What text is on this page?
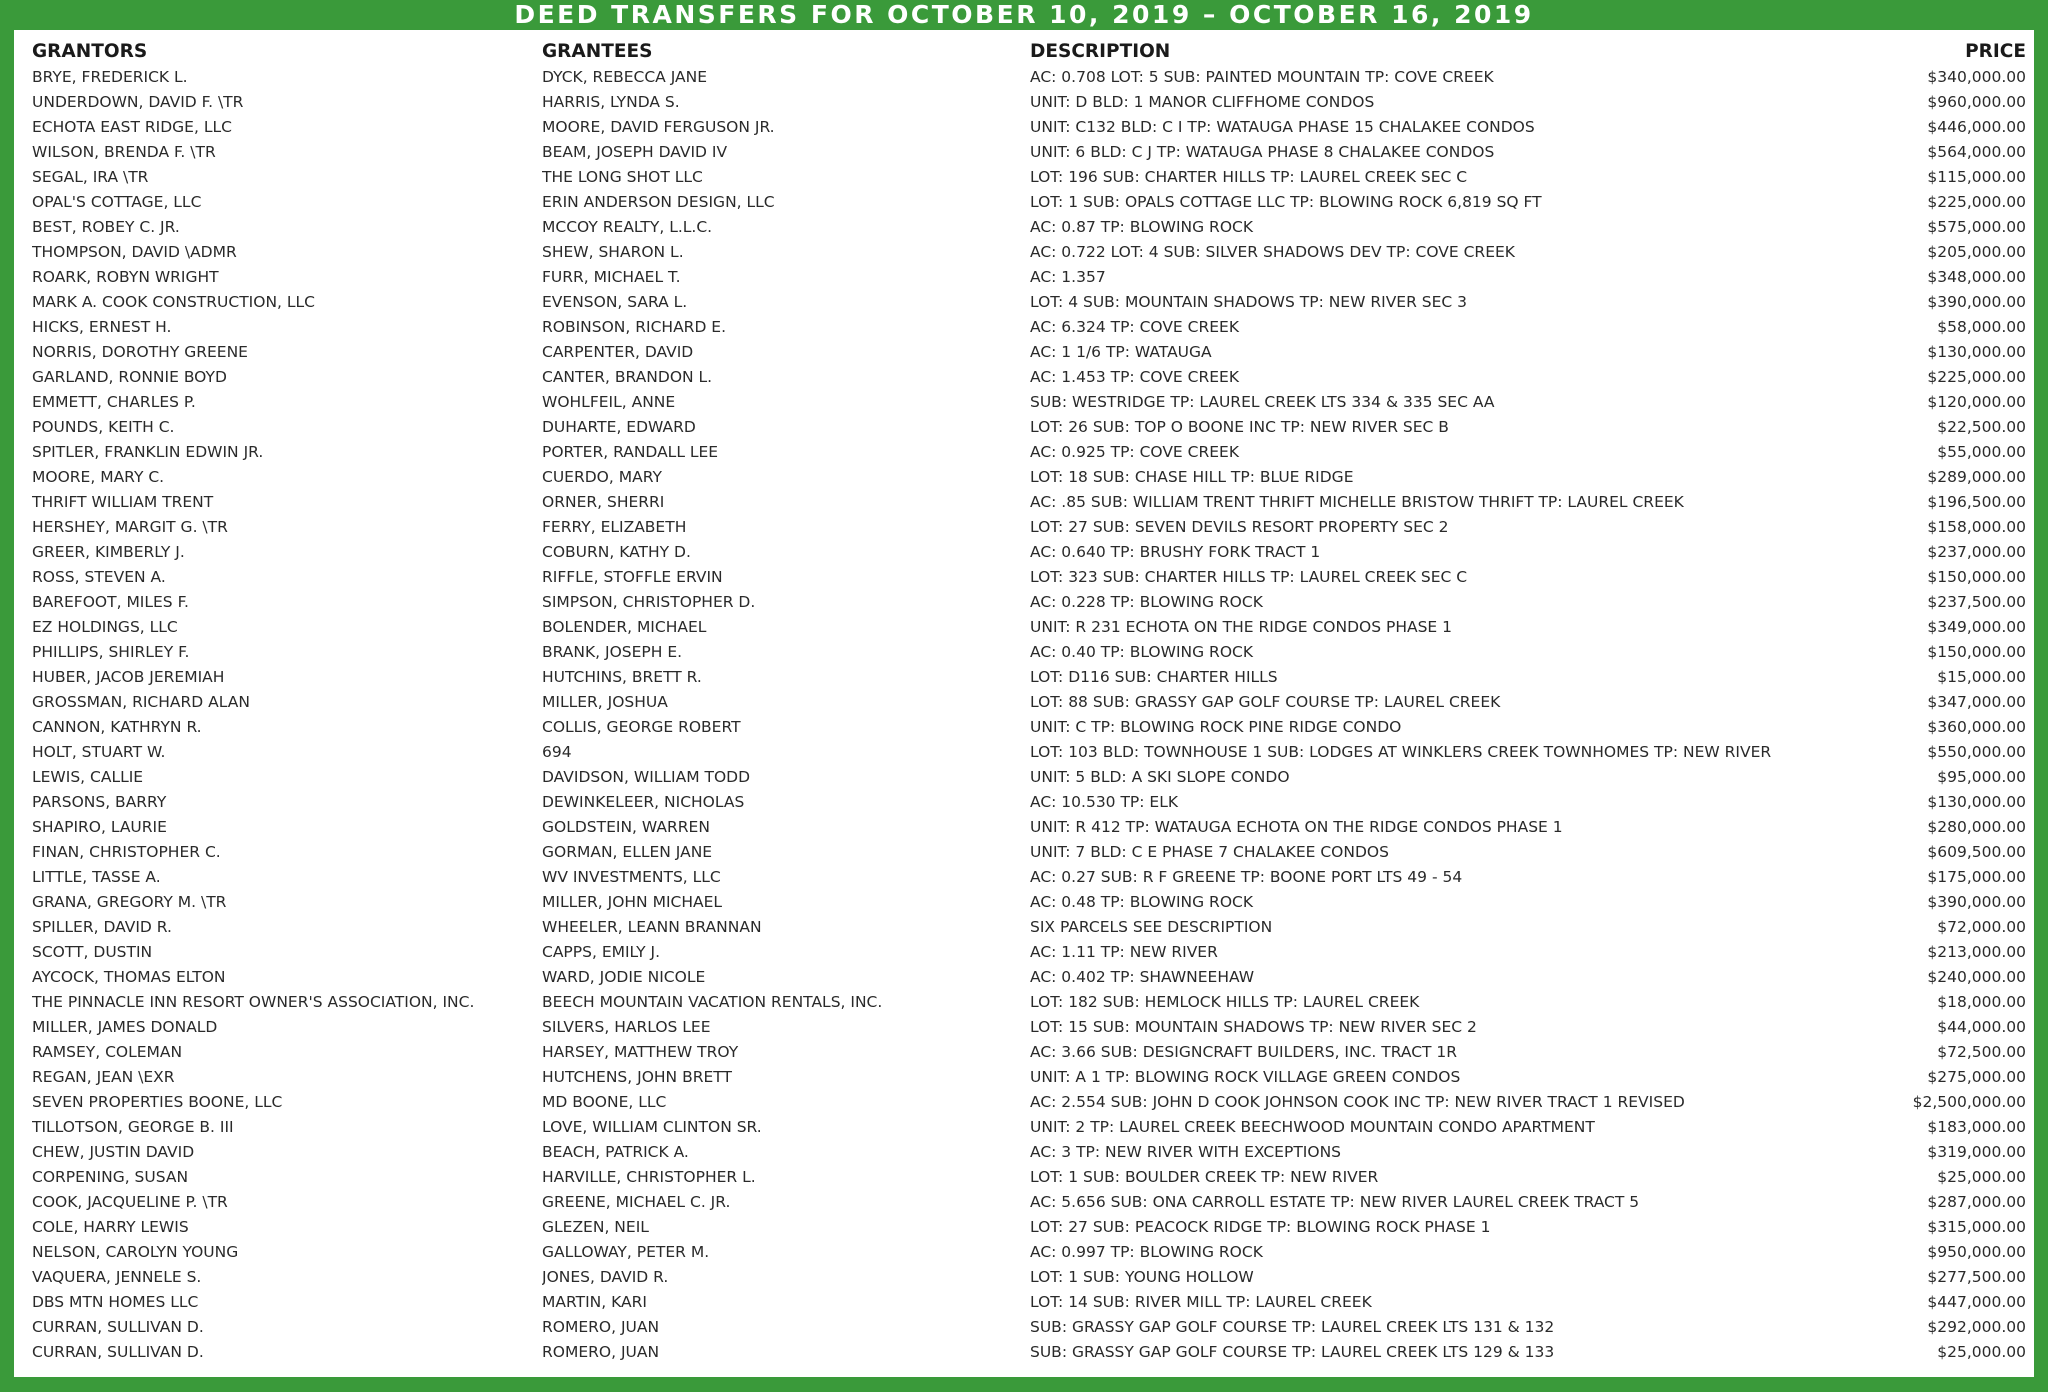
DEED TRANSFERS FOR OCTOBER 10, 2019 – OCTOBER 16, 2019
GRANTORS	GRANTEES	DESCRIPTION	PRICE
BRYE, FREDERICK L.	DYCK, REBECCA JANE	AC: 0.708 LOT: 5 SUB: PAINTED MOUNTAIN TP: COVE CREEK	$340,000.00
UNDERDOWN, DAVID F. \TR	HARRIS, LYNDA S.	UNIT: D BLD: 1 MANOR CLIFFHOME CONDOS	$960,000.00
ECHOTA EAST RIDGE, LLC	MOORE, DAVID FERGUSON JR.	UNIT: C132 BLD: C I TP: WATAUGA PHASE 15 CHALAKEE CONDOS	$446,000.00
WILSON, BRENDA F. \TR	BEAM, JOSEPH DAVID IV	UNIT: 6 BLD: C J TP: WATAUGA PHASE 8 CHALAKEE CONDOS	$564,000.00
SEGAL, IRA \TR	THE LONG SHOT LLC	LOT: 196 SUB: CHARTER HILLS TP: LAUREL CREEK SEC C	$115,000.00
OPAL'S COTTAGE, LLC	ERIN ANDERSON DESIGN, LLC	LOT: 1 SUB: OPALS COTTAGE LLC TP: BLOWING ROCK 6,819 SQ FT	$225,000.00
BEST, ROBEY C. JR.	MCCOY REALTY, L.L.C.	AC: 0.87 TP: BLOWING ROCK	$575,000.00
THOMPSON, DAVID \ADMR	SHEW, SHARON L.	AC: 0.722 LOT: 4 SUB: SILVER SHADOWS DEV TP: COVE CREEK	$205,000.00
ROARK, ROBYN WRIGHT	FURR, MICHAEL T.	AC: 1.357	$348,000.00
MARK A. COOK CONSTRUCTION, LLC	EVENSON, SARA L.	LOT: 4 SUB: MOUNTAIN SHADOWS TP: NEW RIVER SEC 3	$390,000.00
HICKS, ERNEST H.	ROBINSON, RICHARD E.	AC: 6.324 TP: COVE CREEK	$58,000.00
NORRIS, DOROTHY GREENE	CARPENTER, DAVID	AC: 1 1/6 TP: WATAUGA	$130,000.00
GARLAND, RONNIE BOYD	CANTER, BRANDON L.	AC: 1.453 TP: COVE CREEK	$225,000.00
EMMETT, CHARLES P.	WOHLFEIL, ANNE	SUB: WESTRIDGE TP: LAUREL CREEK LTS 334 & 335 SEC AA	$120,000.00
POUNDS, KEITH C.	DUHARTE, EDWARD	LOT: 26 SUB: TOP O BOONE INC TP: NEW RIVER SEC B	$22,500.00
SPITLER, FRANKLIN EDWIN JR.	PORTER, RANDALL LEE	AC: 0.925 TP: COVE CREEK	$55,000.00
MOORE, MARY C.	CUERDO, MARY	LOT: 18 SUB: CHASE HILL TP: BLUE RIDGE	$289,000.00
THRIFT WILLIAM TRENT	ORNER, SHERRI	AC: .85 SUB: WILLIAM TRENT THRIFT MICHELLE BRISTOW THRIFT TP: LAUREL CREEK	$196,500.00
HERSHEY, MARGIT G. \TR	FERRY, ELIZABETH	LOT: 27 SUB: SEVEN DEVILS RESORT PROPERTY SEC 2	$158,000.00
GREER, KIMBERLY J.	COBURN, KATHY D.	AC: 0.640 TP: BRUSHY FORK TRACT 1	$237,000.00
ROSS, STEVEN A.	RIFFLE, STOFFLE ERVIN	LOT: 323 SUB: CHARTER HILLS TP: LAUREL CREEK SEC C	$150,000.00
BAREFOOT, MILES F.	SIMPSON, CHRISTOPHER D.	AC: 0.228 TP: BLOWING ROCK	$237,500.00
EZ HOLDINGS, LLC	BOLENDER, MICHAEL	UNIT: R 231 ECHOTA ON THE RIDGE CONDOS PHASE 1	$349,000.00
PHILLIPS, SHIRLEY F.	BRANK, JOSEPH E.	AC: 0.40 TP: BLOWING ROCK	$150,000.00
HUBER, JACOB JEREMIAH	HUTCHINS, BRETT R.	LOT: D116 SUB: CHARTER HILLS	$15,000.00
GROSSMAN, RICHARD ALAN	MILLER, JOSHUA	LOT: 88 SUB: GRASSY GAP GOLF COURSE TP: LAUREL CREEK	$347,000.00
CANNON, KATHRYN R.	COLLIS, GEORGE ROBERT	UNIT: C TP: BLOWING ROCK PINE RIDGE CONDO	$360,000.00
HOLT, STUART W.	694	LOT: 103 BLD: TOWNHOUSE 1 SUB: LODGES AT WINKLERS CREEK TOWNHOMES TP: NEW RIVER	$550,000.00
LEWIS, CALLIE	DAVIDSON, WILLIAM TODD	UNIT: 5 BLD: A SKI SLOPE CONDO	$95,000.00
PARSONS, BARRY	DEWINKELEER, NICHOLAS	AC: 10.530 TP: ELK	$130,000.00
SHAPIRO, LAURIE	GOLDSTEIN, WARREN	UNIT: R 412 TP: WATAUGA ECHOTA ON THE RIDGE CONDOS PHASE 1	$280,000.00
FINAN, CHRISTOPHER C.	GORMAN, ELLEN JANE	UNIT: 7 BLD: C E PHASE 7 CHALAKEE CONDOS	$609,500.00
LITTLE, TASSE A.	WV INVESTMENTS, LLC	AC: 0.27 SUB: R F GREENE TP: BOONE PORT LTS 49 - 54	$175,000.00
GRANA, GREGORY M. \TR	MILLER, JOHN MICHAEL	AC: 0.48 TP: BLOWING ROCK	$390,000.00
SPILLER, DAVID R.	WHEELER, LEANN BRANNAN	SIX PARCELS SEE DESCRIPTION	$72,000.00
SCOTT, DUSTIN	CAPPS, EMILY J.	AC: 1.11 TP: NEW RIVER	$213,000.00
AYCOCK, THOMAS ELTON	WARD, JODIE NICOLE	AC: 0.402 TP: SHAWNEEHAW	$240,000.00
THE PINNACLE INN RESORT OWNER'S ASSOCIATION, INC.	BEECH MOUNTAIN VACATION RENTALS, INC.	LOT: 182 SUB: HEMLOCK HILLS TP: LAUREL CREEK	$18,000.00
MILLER, JAMES DONALD	SILVERS, HARLOS LEE	LOT: 15 SUB: MOUNTAIN SHADOWS TP: NEW RIVER SEC 2	$44,000.00
RAMSEY, COLEMAN	HARSEY, MATTHEW TROY	AC: 3.66 SUB: DESIGNCRAFT BUILDERS, INC. TRACT 1R	$72,500.00
REGAN, JEAN \EXR	HUTCHENS, JOHN BRETT	UNIT: A 1 TP: BLOWING ROCK VILLAGE GREEN CONDOS	$275,000.00
SEVEN PROPERTIES BOONE, LLC	MD BOONE, LLC	AC: 2.554 SUB: JOHN D COOK JOHNSON COOK INC TP: NEW RIVER TRACT 1 REVISED	$2,500,000.00
TILLOTSON, GEORGE B. III	LOVE, WILLIAM CLINTON SR.	UNIT: 2 TP: LAUREL CREEK BEECHWOOD MOUNTAIN CONDO APARTMENT	$183,000.00
CHEW, JUSTIN DAVID	BEACH, PATRICK A.	AC: 3 TP: NEW RIVER WITH EXCEPTIONS	$319,000.00
CORPENING, SUSAN	HARVILLE, CHRISTOPHER L.	LOT: 1 SUB: BOULDER CREEK TP: NEW RIVER	$25,000.00
COOK, JACQUELINE P. \TR	GREENE, MICHAEL C. JR.	AC: 5.656 SUB: ONA CARROLL ESTATE TP: NEW RIVER LAUREL CREEK TRACT 5	$287,000.00
COLE, HARRY LEWIS	GLEZEN, NEIL	LOT: 27 SUB: PEACOCK RIDGE TP: BLOWING ROCK PHASE 1	$315,000.00
NELSON, CAROLYN YOUNG	GALLOWAY, PETER M.	AC: 0.997 TP: BLOWING ROCK	$950,000.00
VAQUERA, JENNELE S.	JONES, DAVID R.	LOT: 1 SUB: YOUNG HOLLOW	$277,500.00
DBS MTN HOMES LLC	MARTIN, KARI	LOT: 14 SUB: RIVER MILL TP: LAUREL CREEK	$447,000.00
CURRAN, SULLIVAN D.	ROMERO, JUAN	SUB: GRASSY GAP GOLF COURSE TP: LAUREL CREEK LTS 131 & 132	$292,000.00
CURRAN, SULLIVAN D.	ROMERO, JUAN	SUB: GRASSY GAP GOLF COURSE TP: LAUREL CREEK LTS 129 & 133	$25,000.00
